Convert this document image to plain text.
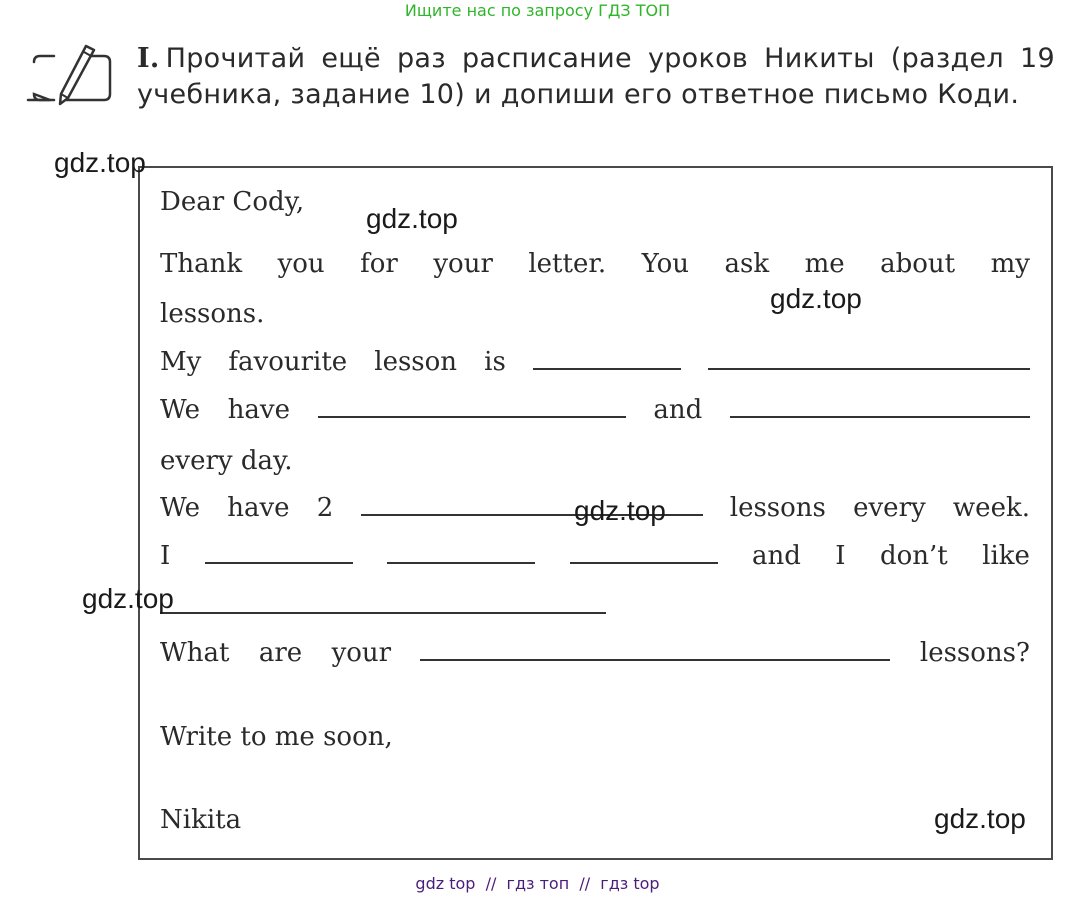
Ищите нас по запросу ГДЗ ТОП
I. Прочитай ещё раз расписание уроков Никиты (раздел 19 учебника, задание 10) и допиши его ответное письмо Коди.
Dear Cody,
Thank you for your letter. You ask me about my
lessons.
My favourite lesson is
We have	and
every day.
We have 2	lessons every week.
I	and I don’t like
What are your	lessons?
Write to me soon,
Nikita
gdz.top
gdz.top
gdz.top
gdz.top
gdz.top
gdz.top
gdz top  //  гдз топ  //  гдз top
